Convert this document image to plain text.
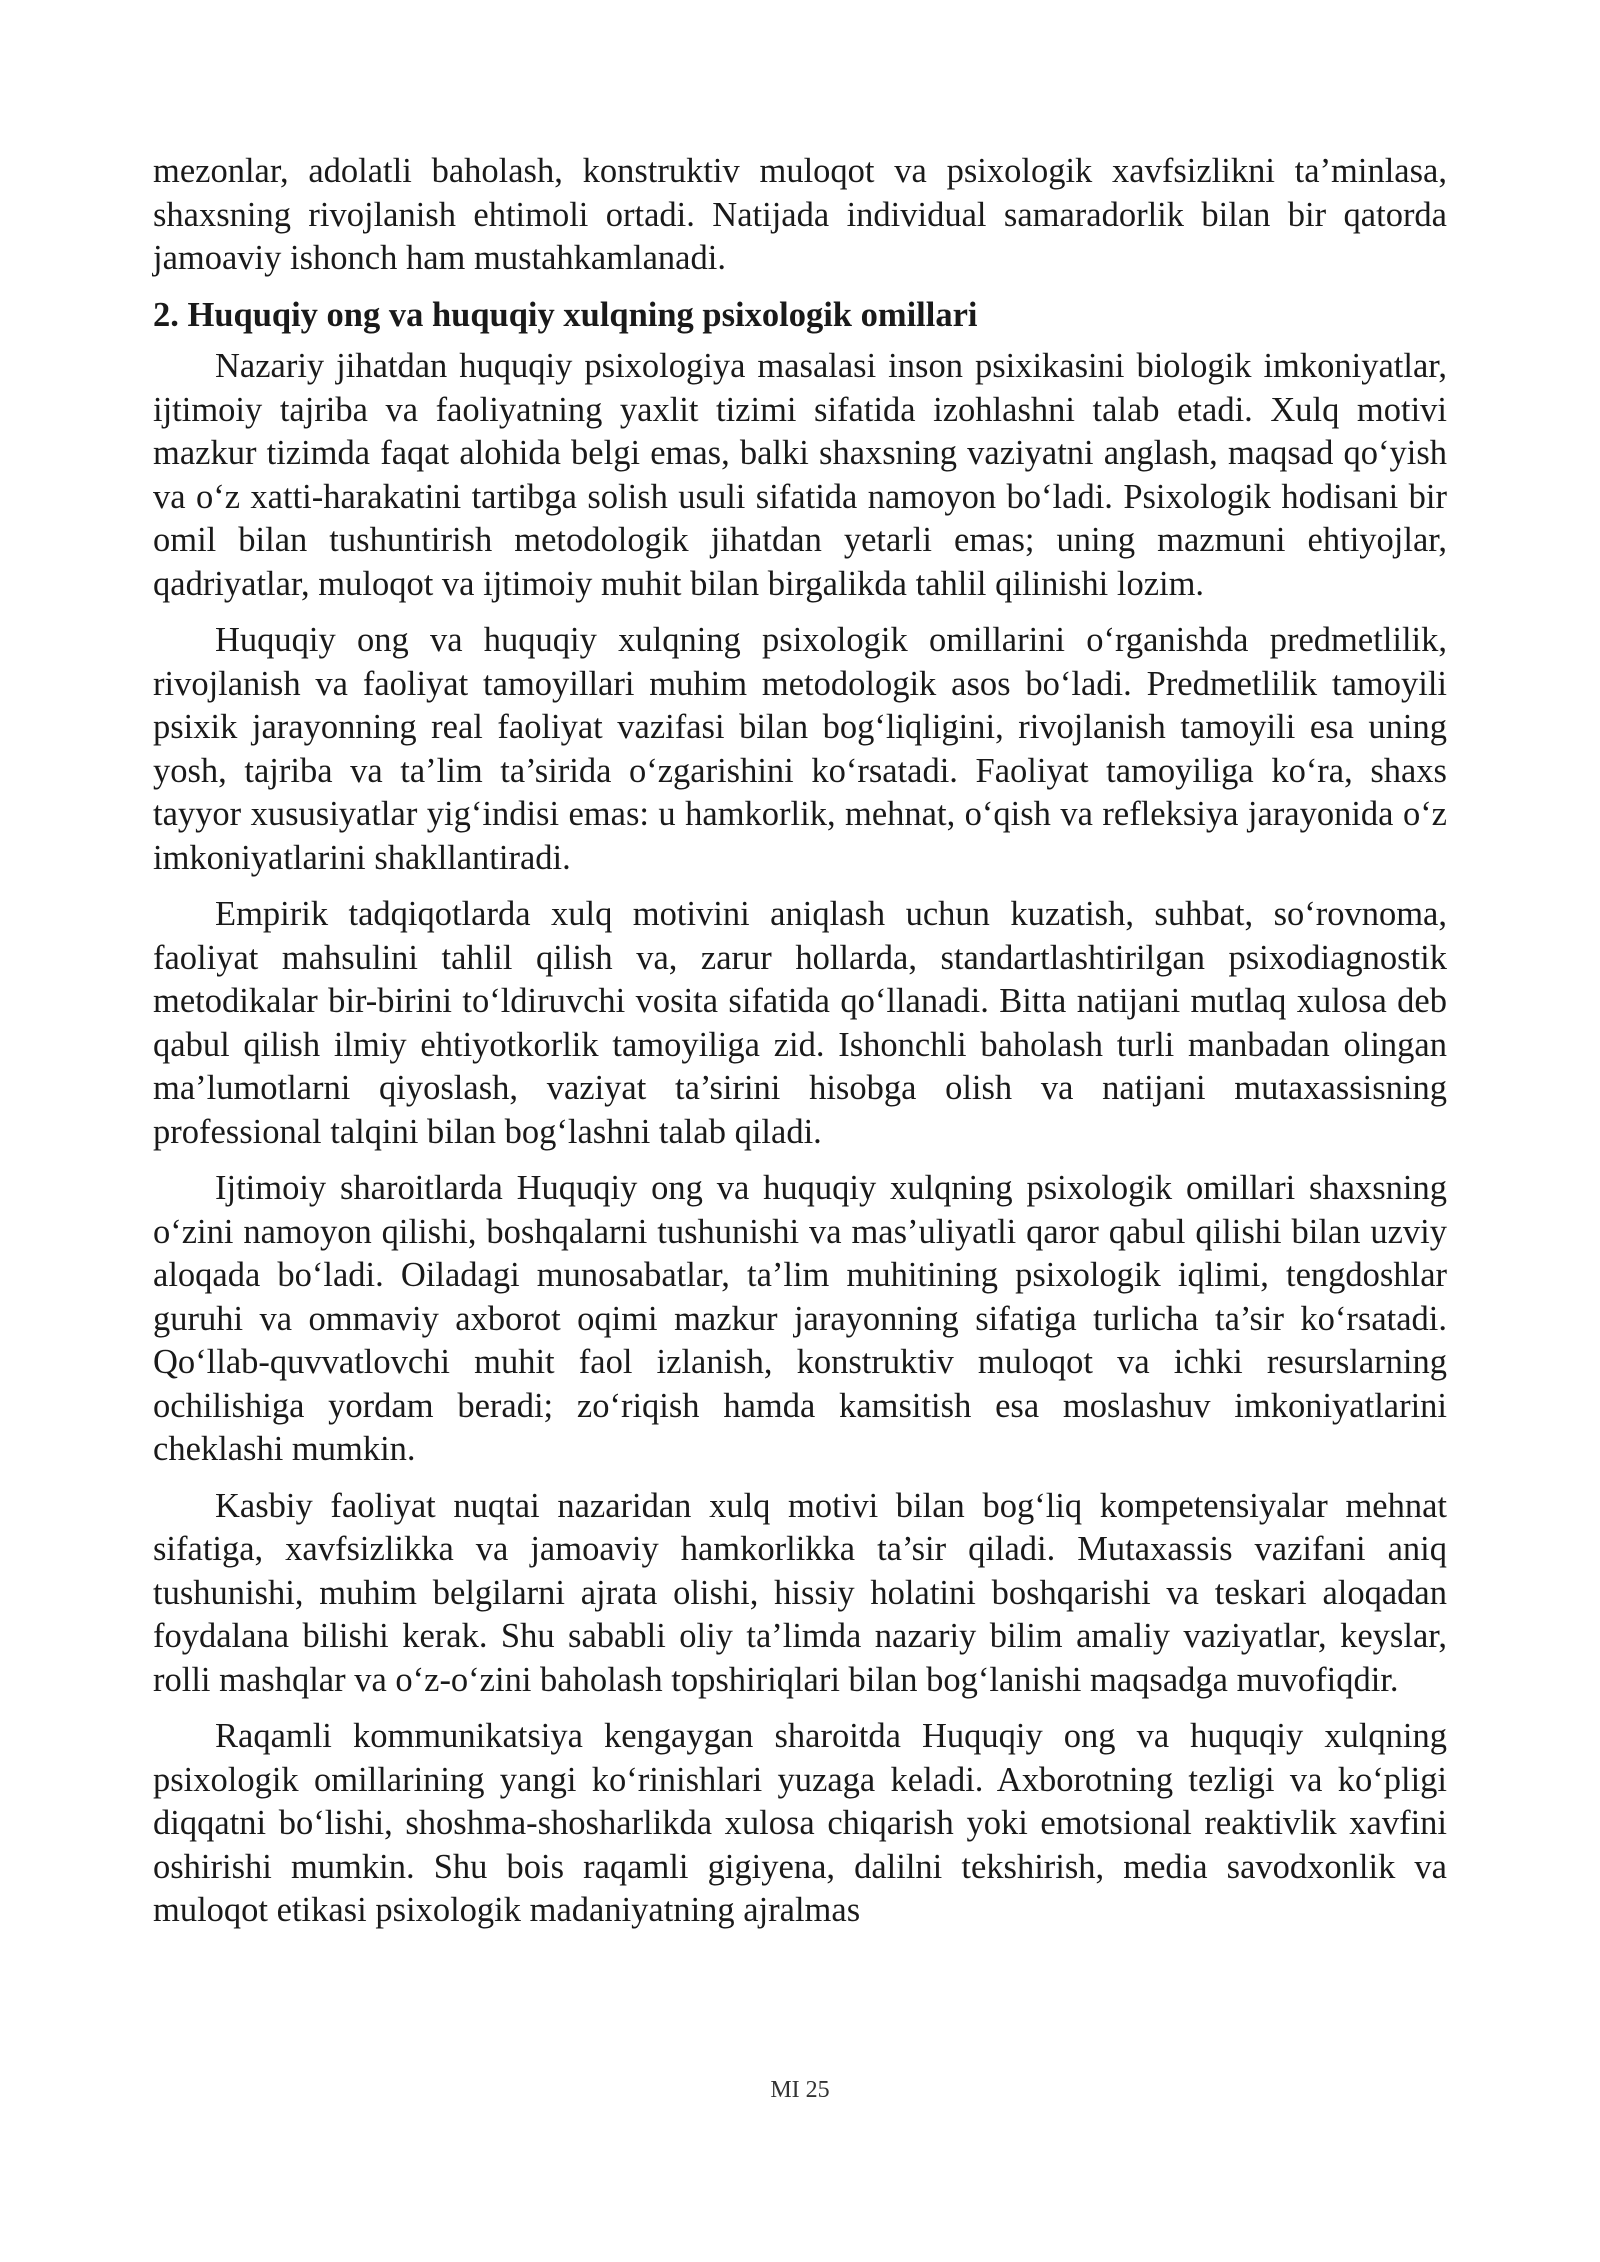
mezonlar, adolatli baholash, konstruktiv muloqot va psixologik xavfsizlikni ta’minlasa, shaxsning rivojlanish ehtimoli ortadi. Natijada individual samaradorlik bilan bir qatorda jamoaviy ishonch ham mustahkamlanadi.

2. Huquqiy ong va huquqiy xulqning psixologik omillari

Nazariy jihatdan huquqiy psixologiya masalasi inson psixikasini biologik imkoniyatlar, ijtimoiy tajriba va faoliyatning yaxlit tizimi sifatida izohlashni talab etadi. Xulq motivi mazkur tizimda faqat alohida belgi emas, balki shaxsning vaziyatni anglash, maqsad qo‘yish va o‘z xatti-harakatini tartibga solish usuli sifatida namoyon bo‘ladi. Psixologik hodisani bir omil bilan tushuntirish metodologik jihatdan yetarli emas; uning mazmuni ehtiyojlar, qadriyatlar, muloqot va ijtimoiy muhit bilan birgalikda tahlil qilinishi lozim.

Huquqiy ong va huquqiy xulqning psixologik omillarini o‘rganishda predmetlilik, rivojlanish va faoliyat tamoyillari muhim metodologik asos bo‘ladi. Predmetlilik tamoyili psixik jarayonning real faoliyat vazifasi bilan bog‘liqligini, rivojlanish tamoyili esa uning yosh, tajriba va ta’lim ta’sirida o‘zgarishini ko‘rsatadi. Faoliyat tamoyiliga ko‘ra, shaxs tayyor xususiyatlar yig‘indisi emas: u hamkorlik, mehnat, o‘qish va refleksiya jarayonida o‘z imkoniyatlarini shakllantiradi.

Empirik tadqiqotlarda xulq motivini aniqlash uchun kuzatish, suhbat, so‘rovnoma, faoliyat mahsulini tahlil qilish va, zarur hollarda, standartlashtirilgan psixodiagnostik metodikalar bir-birini to‘ldiruvchi vosita sifatida qo‘llanadi. Bitta natijani mutlaq xulosa deb qabul qilish ilmiy ehtiyotkorlik tamoyiliga zid. Ishonchli baholash turli manbadan olingan ma’lumotlarni qiyoslash, vaziyat ta’sirini hisobga olish va natijani mutaxassisning professional talqini bilan bog‘lashni talab qiladi.

Ijtimoiy sharoitlarda Huquqiy ong va huquqiy xulqning psixologik omillari shaxsning o‘zini namoyon qilishi, boshqalarni tushunishi va mas’uliyatli qaror qabul qilishi bilan uzviy aloqada bo‘ladi. Oiladagi munosabatlar, ta’lim muhitining psixologik iqlimi, tengdoshlar guruhi va ommaviy axborot oqimi mazkur jarayonning sifatiga turlicha ta’sir ko‘rsatadi. Qo‘llab-quvvatlovchi muhit faol izlanish, konstruktiv muloqot va ichki resurslarning ochilishiga yordam beradi; zo‘riqish hamda kamsitish esa moslashuv imkoniyatlarini cheklashi mumkin.

Kasbiy faoliyat nuqtai nazaridan xulq motivi bilan bog‘liq kompetensiyalar mehnat sifatiga, xavfsizlikka va jamoaviy hamkorlikka ta’sir qiladi. Mutaxassis vazifani aniq tushunishi, muhim belgilarni ajrata olishi, hissiy holatini boshqarishi va teskari aloqadan foydalana bilishi kerak. Shu sababli oliy ta’limda nazariy bilim amaliy vaziyatlar, keyslar, rolli mashqlar va o‘z-o‘zini baholash topshiriqlari bilan bog‘lanishi maqsadga muvofiqdir.

Raqamli kommunikatsiya kengaygan sharoitda Huquqiy ong va huquqiy xulqning psixologik omillarining yangi ko‘rinishlari yuzaga keladi. Axborotning tezligi va ko‘pligi diqqatni bo‘lishi, shoshma-shosharlikda xulosa chiqarish yoki emotsional reaktivlik xavfini oshirishi mumkin. Shu bois raqamli gigiyena, dalilni tekshirish, media savodxonlik va muloqot etikasi psixologik madaniyatning ajralmas

MI 25
